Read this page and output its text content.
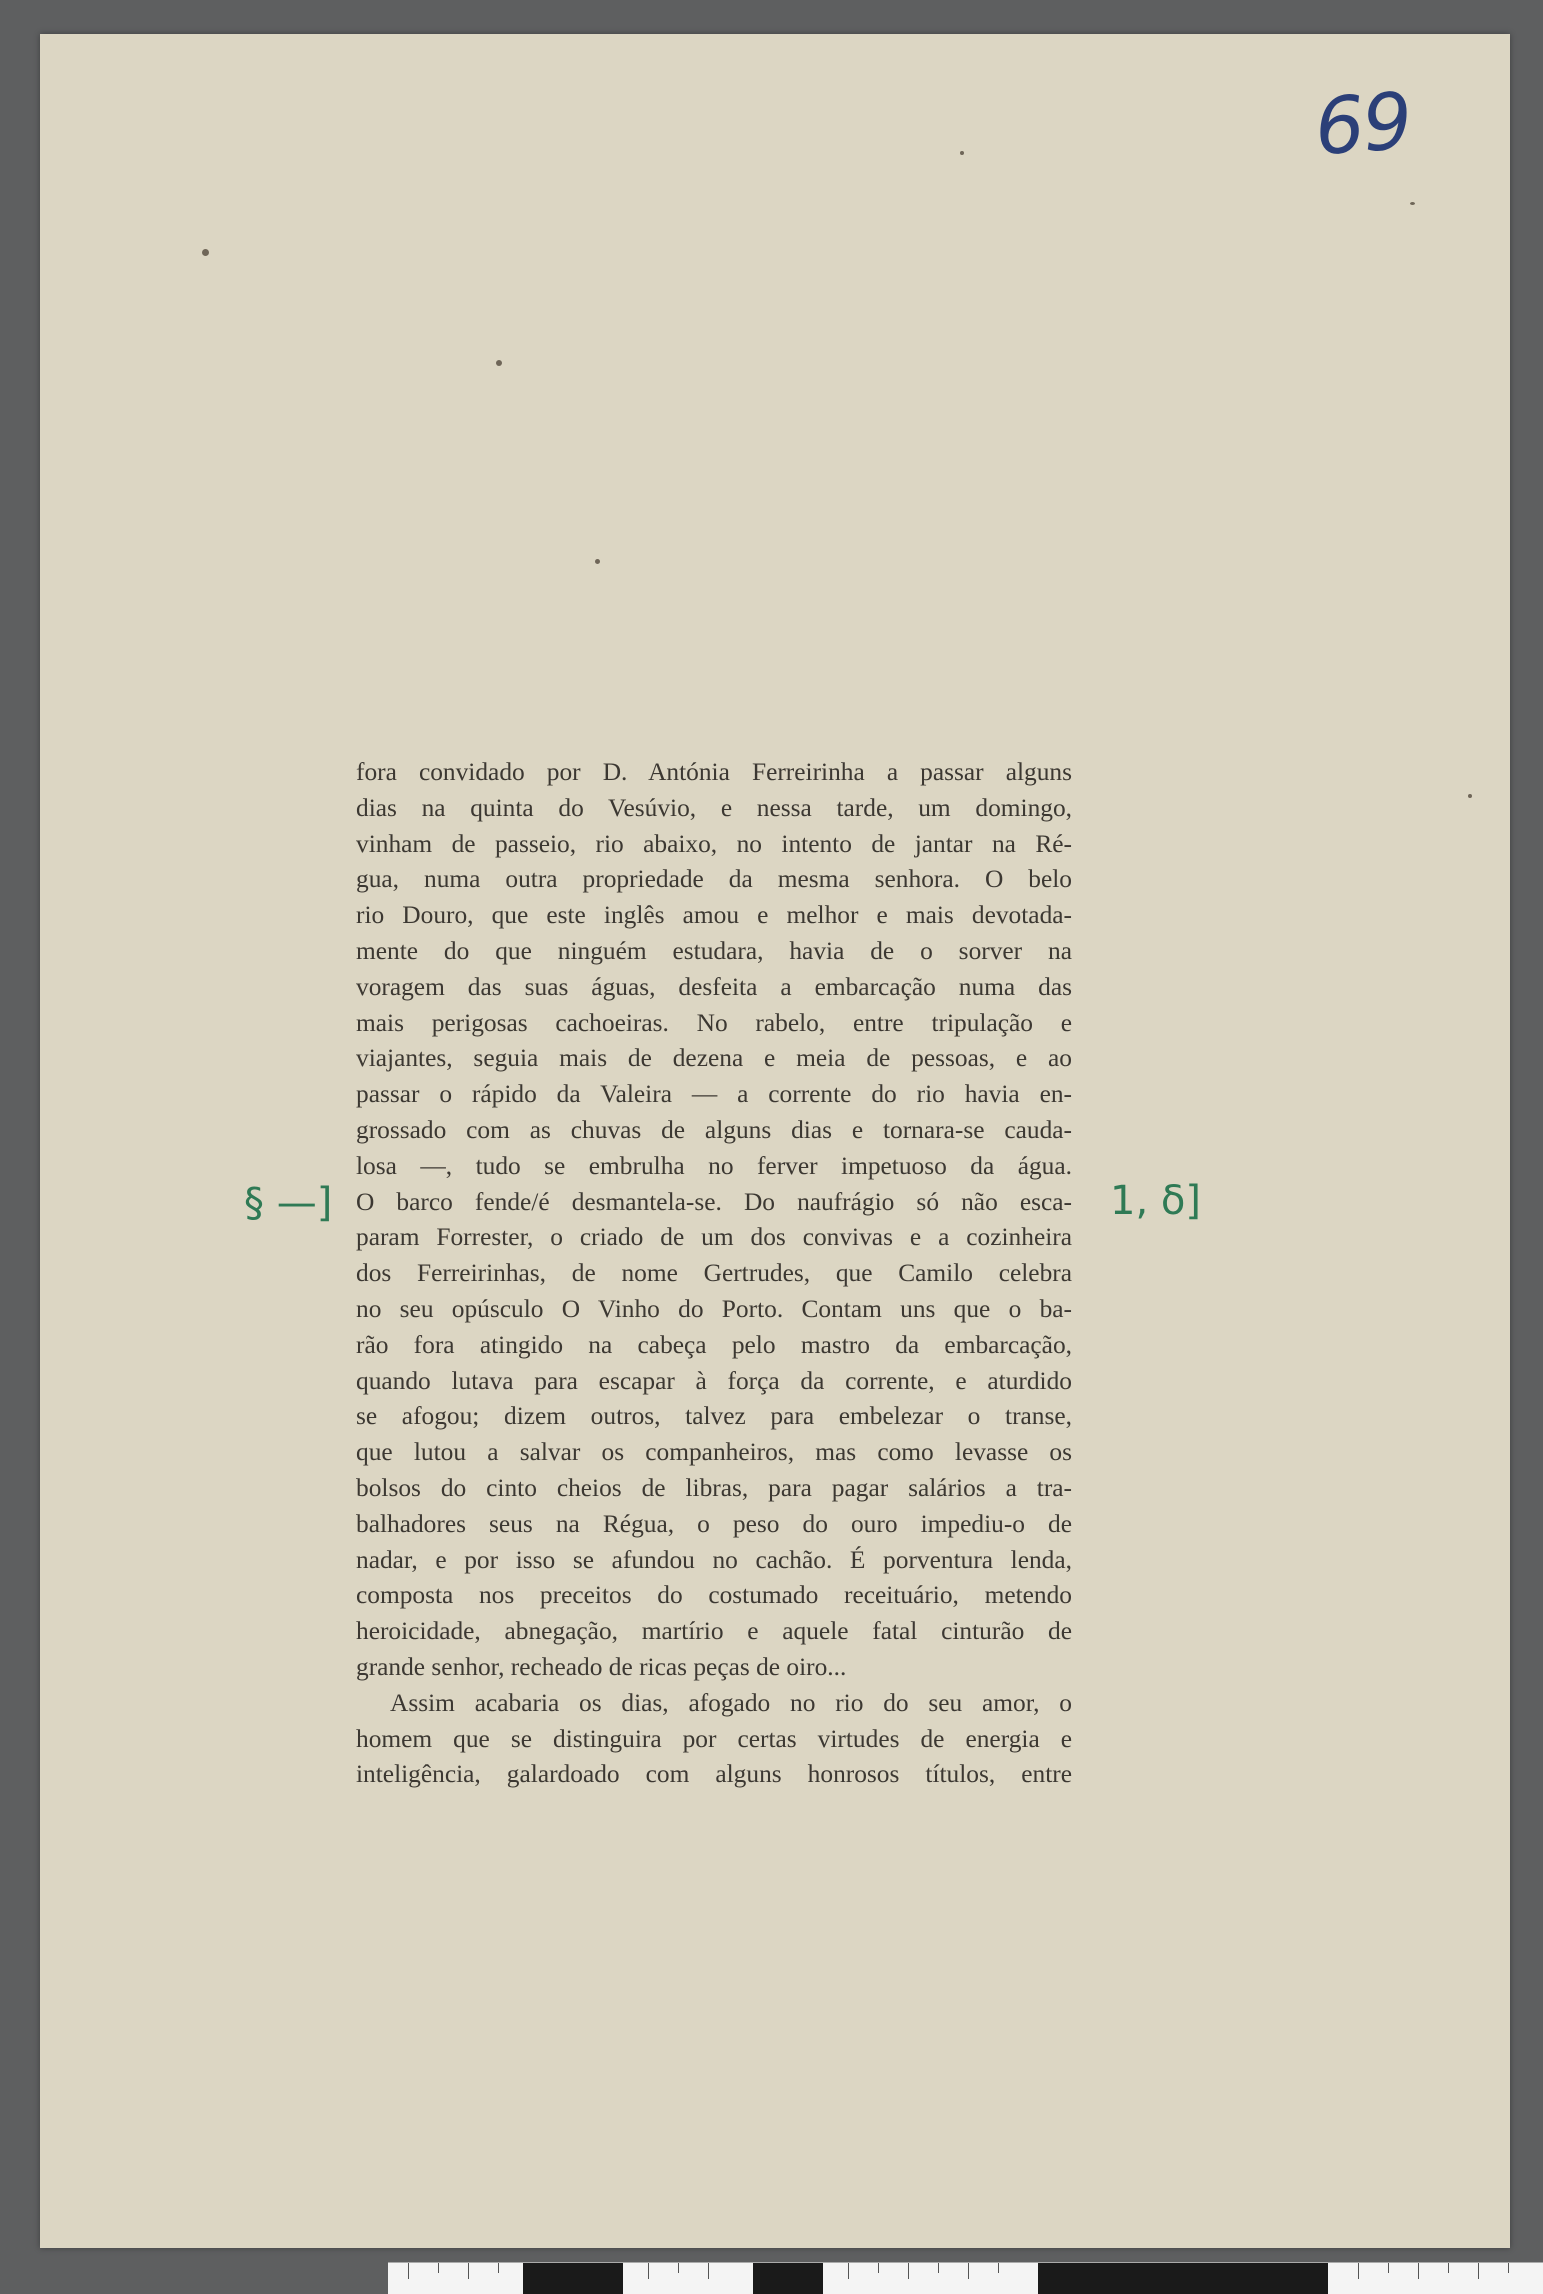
69
§ —]	1, δ]
fora convidado por D. Antónia Ferreirinha a passar alguns
dias na quinta do Vesúvio, e nessa tarde, um domingo,
vinham de passeio, rio abaixo, no intento de jantar na Ré-
gua, numa outra propriedade da mesma senhora. O belo
rio Douro, que este inglês amou e melhor e mais devotada-
mente do que ninguém estudara, havia de o sorver na
voragem das suas águas, desfeita a embarcação numa das
mais perigosas cachoeiras. No rabelo, entre tripulação e
viajantes, seguia mais de dezena e meia de pessoas, e ao
passar o rápido da Valeira — a corrente do rio havia en-
grossado com as chuvas de alguns dias e tornara-se cauda-
losa —, tudo se embrulha no ferver impetuoso da água.
O barco fende/é desmantela-se. Do naufrágio só não esca-
param Forrester, o criado de um dos convivas e a cozinheira
dos Ferreirinhas, de nome Gertrudes, que Camilo celebra
no seu opúsculo O Vinho do Porto. Contam uns que o ba-
rão fora atingido na cabeça pelo mastro da embarcação,
quando lutava para escapar à força da corrente, e aturdido
se afogou; dizem outros, talvez para embelezar o transe,
que lutou a salvar os companheiros, mas como levasse os
bolsos do cinto cheios de libras, para pagar salários a tra-
balhadores seus na Régua, o peso do ouro impediu-o de
nadar, e por isso se afundou no cachão. É porventura lenda,
composta nos preceitos do costumado receituário, metendo
heroicidade, abnegação, martírio e aquele fatal cinturão de
grande senhor, recheado de ricas peças de oiro...
Assim acabaria os dias, afogado no rio do seu amor, o
homem que se distinguira por certas virtudes de energia e
inteligência, galardoado com alguns honrosos títulos, entre
